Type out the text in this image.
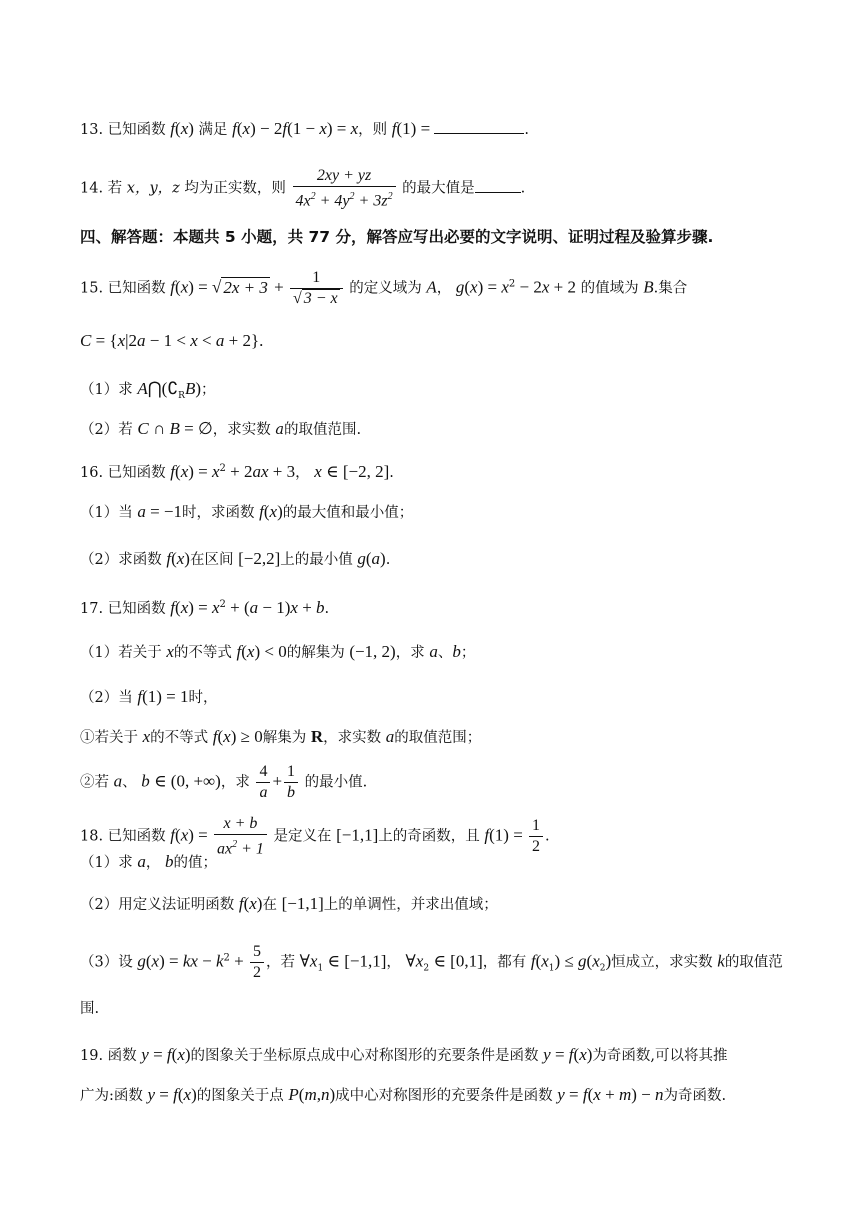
13. 已知函数 f(x) 满足 f(x) − 2f(1 − x) = x，则 f(1) =	.
14. 若 x，y，z 均为正实数，则 $\frac{2xy + yz}{4x^2 + 4y^2 + 3z^2}$ 的最大值是	.
四、解答题：本题共 5 小题，共 77 分，解答应写出必要的文字说明、证明过程及验算步骤.
15. 已知函数 f(x) = √ $2x + 3 + \frac{1}{√ 3 - x}$ 的定义域为 A， $g(x) = x^2 - 2x + 2$ 的值域为 B.集合
C = {x|2a − 1 < x < a + 2}.
（1）求 $A⋂(∁_RB)$；
（2）若 C ∩ B = ∅，求实数 a的取值范围.
16. 已知函数 $f(x) = x^2 + 2ax + 3$， x ∈ [−2, 2].
（1）当 a = −1时，求函数 f(x)的最大值和最小值；
（2）求函数 f(x)在区间 [−2,2]上的最小值 g(a).
17. 已知函数 $f(x) = x^2 + (a - 1)x + b$.
（1）若关于 x的不等式 f(x) < 0的解集为 (−1, 2)，求 a、b；
（2）当 f(1) = 1时，
①若关于 x的不等式 f(x) ≥ 0解集为 R，求实数 a的取值范围；
②若 a、 b ∈ (0, +∞)，求 $\frac{4}{a} + \frac{1}{b}$ 的最小值.
18. 已知函数 $f(x) = \frac{x + b}{ax^2 + 1}$ 是定义在 [−1,1]上的奇函数，且 $f(1) = \frac{1}{2}$ .
（1）求 a， b的值；
（2）用定义法证明函数 f(x)在 [−1,1]上的单调性，并求出值域；
（3）设 g(x) = kx − $k^2 + \frac{5}{2}$ ，若 $\forall x_1$ ∈ [−1,1]， $\forall x_2$ ∈ [0,1]，都有 $f(x_1) \le g(x_2)$恒成立，求实数 k的取值范
围.
19. 函数 y = f(x)的图象关于坐标原点成中心对称图形的充要条件是函数 y = f(x)为奇函数,可以将其推
广为:函数 y = f(x)的图象关于点 P(m,n)成中心对称图形的充要条件是函数 y = f(x + m) − n为奇函数.
